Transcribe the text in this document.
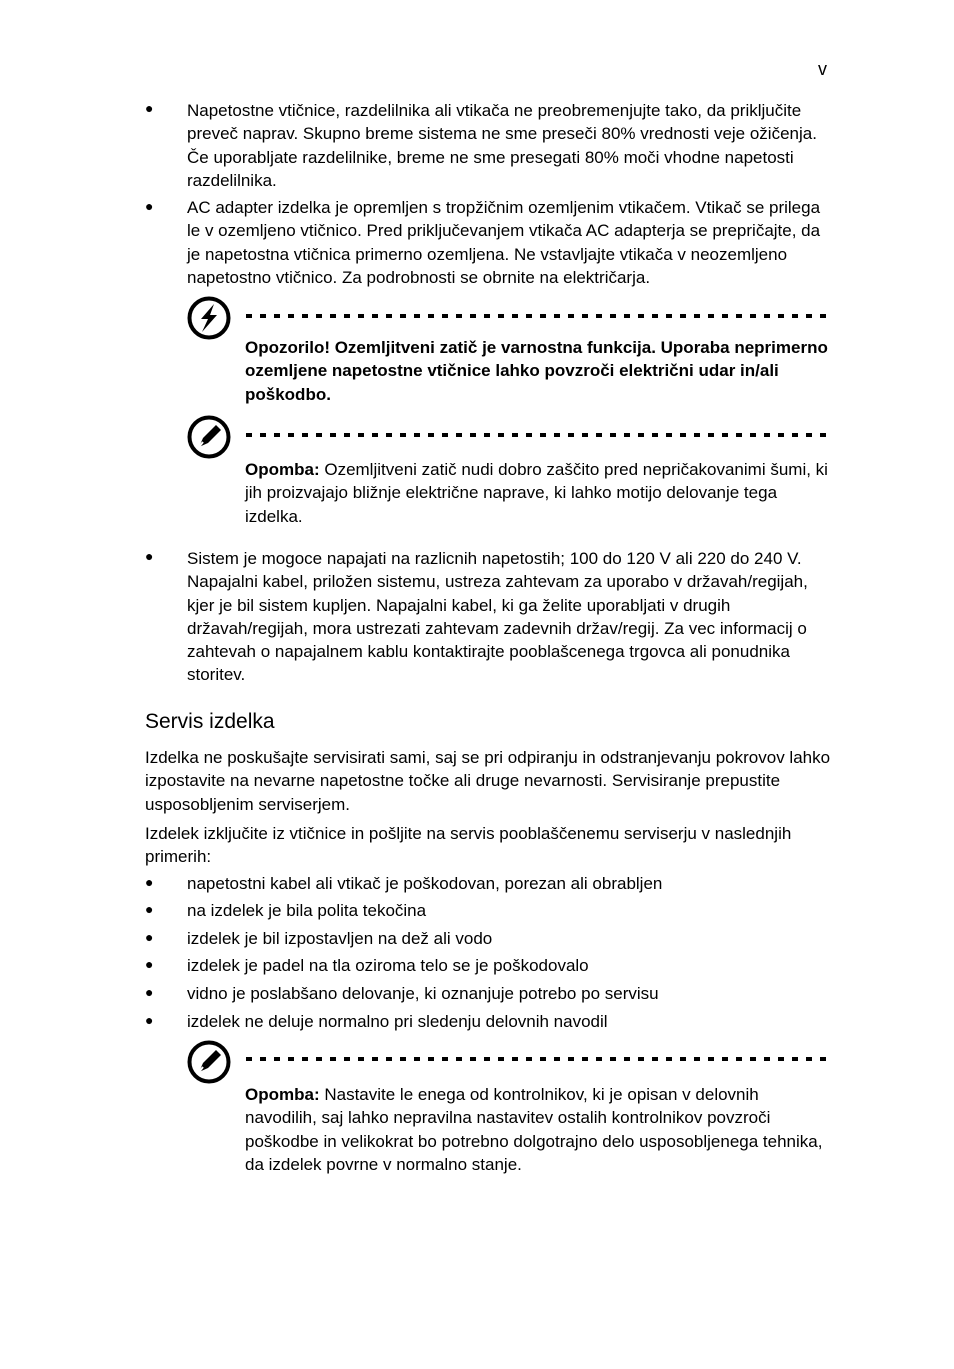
v
● Napetostne vtičnice, razdelilnika ali vtikača ne preobremenjujte tako, da priključite preveč naprav. Skupno breme sistema ne sme preseči 80% vrednosti veje ožičenja. Če uporabljate razdelilnike, breme ne sme presegati 80% moči vhodne napetosti razdelilnika.
● AC adapter izdelka je opremljen s tropžičnim ozemljenim vtikačem. Vtikač se prilega le v ozemljeno vtičnico. Pred priključevanjem vtikača AC adapterja se prepričajte, da je napetostna vtičnica primerno ozemljena. Ne vstavljajte vtikača v neozemljeno napetostno vtičnico. Za podrobnosti se obrnite na električarja.
Opozorilo! Ozemljitveni zatič je varnostna funkcija. Uporaba neprimerno ozemljene napetostne vtičnice lahko povzroči električni udar in/ali poškodbo.
Opomba: Ozemljitveni zatič nudi dobro zaščito pred nepričakovanimi šumi, ki jih proizvajajo bližnje električne naprave, ki lahko motijo delovanje tega izdelka.
● Sistem je mogoce napajati na razlicnih napetostih; 100 do 120 V ali 220 do 240 V. Napajalni kabel, priložen sistemu, ustreza zahtevam za uporabo v državah/regijah, kjer je bil sistem kupljen. Napajalni kabel, ki ga želite uporabljati v drugih državah/regijah, mora ustrezati zahtevam zadevnih držav/regij. Za vec informacij o zahtevah o napajalnem kablu kontaktirajte pooblašcenega trgovca ali ponudnika storitev.
Servis izdelka
Izdelka ne poskušajte servisirati sami, saj se pri odpiranju in odstranjevanju pokrovov lahko izpostavite na nevarne napetostne točke ali druge nevarnosti. Servisiranje prepustite usposobljenim serviserjem.
Izdelek izključite iz vtičnice in pošljite na servis pooblaščenemu serviserju v naslednjih primerih:
● napetostni kabel ali vtikač je poškodovan, porezan ali obrabljen
● na izdelek je bila polita tekočina
● izdelek je bil izpostavljen na dež ali vodo
● izdelek je padel na tla oziroma telo se je poškodovalo
● vidno je poslabšano delovanje, ki oznanjuje potrebo po servisu
● izdelek ne deluje normalno pri sledenju delovnih navodil
Opomba: Nastavite le enega od kontrolnikov, ki je opisan v delovnih navodilih, saj lahko nepravilna nastavitev ostalih kontrolnikov povzroči poškodbe in velikokrat bo potrebno dolgotrajno delo usposobljenega tehnika, da izdelek povrne v normalno stanje.
